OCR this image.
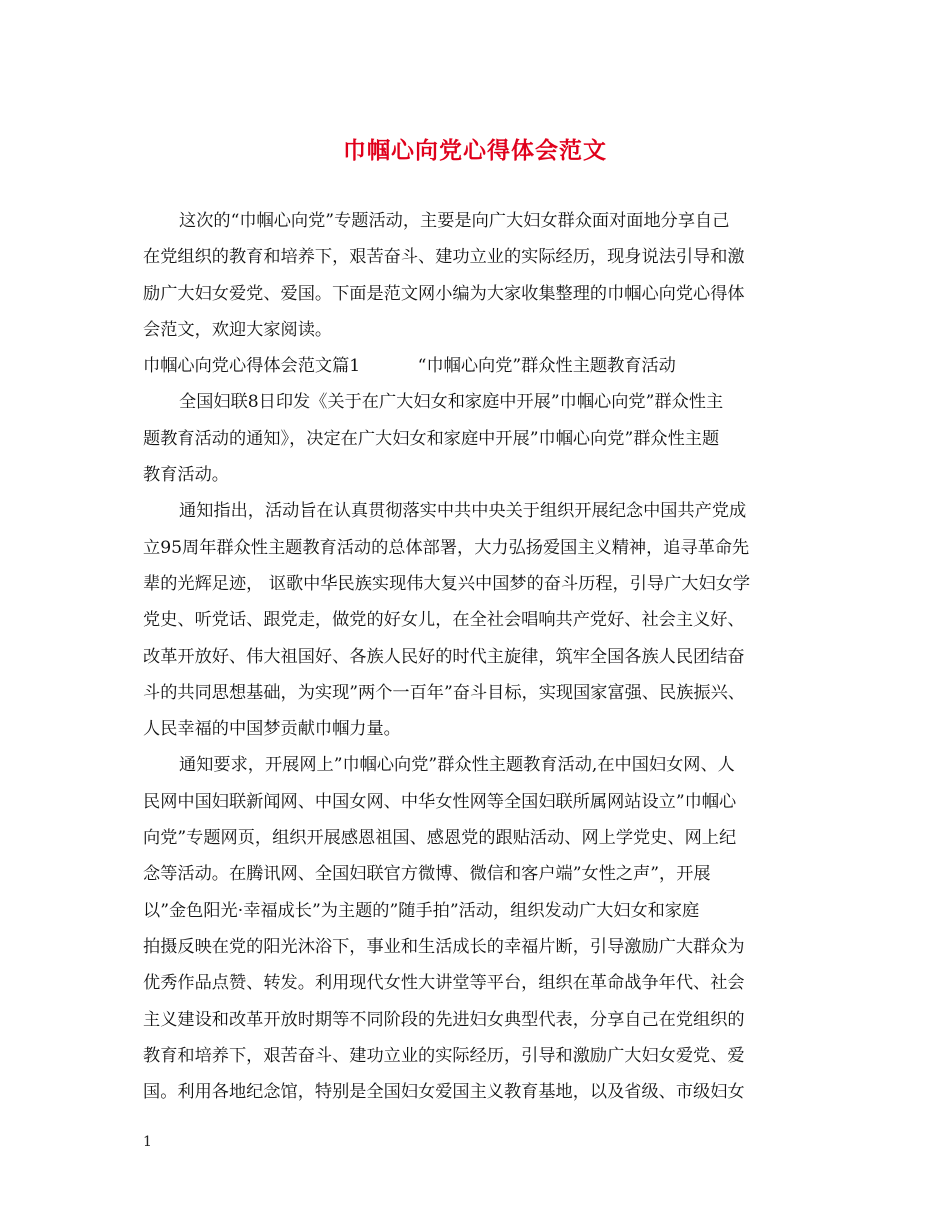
巾帼心向党心得体会范文
这次的“巾帼心向党”专题活动，主要是向广大妇女群众面对面地分享自己
在党组织的教育和培养下，艰苦奋斗、建功立业的实际经历，现身说法引导和激
励广大妇女爱党、爱国。下面是范文网小编为大家收集整理的巾帼心向党心得体
会范文，欢迎大家阅读。
巾帼心向党心得体会范文篇1	“巾帼心向党”群众性主题教育活动
全国妇联8日印发《关于在广大妇女和家庭中开展”巾帼心向党”群众性主
题教育活动的通知》，决定在广大妇女和家庭中开展”巾帼心向党”群众性主题
教育活动。
通知指出，活动旨在认真贯彻落实中共中央关于组织开展纪念中国共产党成
立95周年群众性主题教育活动的总体部署，大力弘扬爱国主义精神，追寻革命先
辈的光辉足迹， 讴歌中华民族实现伟大复兴中国梦的奋斗历程，引导广大妇女学
党史、听党话、跟党走，做党的好女儿，在全社会唱响共产党好、社会主义好、
改革开放好、伟大祖国好、各族人民好的时代主旋律，筑牢全国各族人民团结奋
斗的共同思想基础，为实现”两个一百年”奋斗目标，实现国家富强、民族振兴、
人民幸福的中国梦贡献巾帼力量。
通知要求，开展网上”巾帼心向党”群众性主题教育活动,在中国妇女网、人
民网中国妇联新闻网、中国女网、中华女性网等全国妇联所属网站设立”巾帼心
向党”专题网页，组织开展感恩祖国、感恩党的跟贴活动、网上学党史、网上纪
念等活动。在腾讯网、全国妇联官方微博、微信和客户端”女性之声”，开展
以”金色阳光·幸福成长”为主题的”随手拍”活动，组织发动广大妇女和家庭
拍摄反映在党的阳光沐浴下，事业和生活成长的幸福片断，引导激励广大群众为
优秀作品点赞、转发。利用现代女性大讲堂等平台，组织在革命战争年代、社会
主义建设和改革开放时期等不同阶段的先进妇女典型代表，分享自己在党组织的
教育和培养下，艰苦奋斗、建功立业的实际经历，引导和激励广大妇女爱党、爱
国。利用各地纪念馆，特别是全国妇女爱国主义教育基地，以及省级、市级妇女
1
